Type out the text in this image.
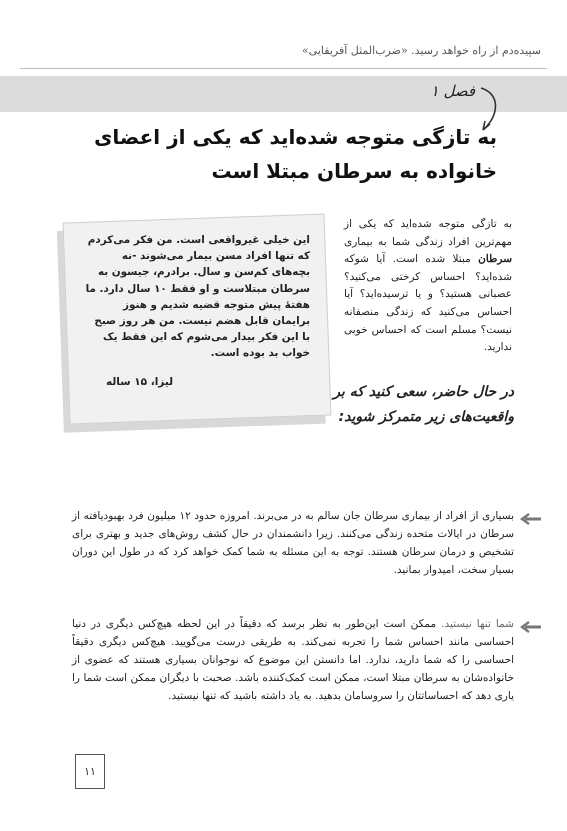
سپیده‌دم از راه خواهد رسید. «ضرب‌المثل آفریقایی»
فصل ۱
به تازگی متوجه شده‌اید که یکی از اعضای خانواده به سرطان مبتلا است
این خیلی غیرواقعی است. من فکر می‌کردم که تنها افراد مسن بیمار می‌شوند -نه بچه‌های کم‌سن و سال. برادرم، جیسون به سرطان مبتلاست و او فقط ۱۰ سال دارد. ما هفتهٔ پیش متوجه قضیه شدیم و هنوز برایمان قابل هضم نیست. من هر روز صبح با این فکر بیدار می‌شوم که این فقط یک خواب بد بوده است.
لیزا، ۱۵ ساله
به تازگی متوجه شده‌اید که یکی از مهم‌ترین افراد زندگی شما به بیماری سرطان مبتلا شده است. آیا شوکه شده‌اید؟ احساس کرختی می‌کنید؟ عصبانی هستید؟ و یا ترسیده‌اید؟ آیا احساس می‌کنید که زندگی منصفانه نیست؟ مسلم است که احساس خوبی ندارید.
در حال حاضر، سعی کنید که بر واقعیت‌های زیر متمرکز شوید:
بسیاری از افراد از بیماری سرطان جان سالم به در می‌برند. امروزه حدود ۱۲ میلیون فرد بهبودیافته از سرطان در ایالات متحده زندگی می‌کنند. زیرا دانشمندان در حال کشف روش‌های جدید و بهتری برای تشخیص و درمان سرطان هستند. توجه به این مسئله به شما کمک خواهد کرد که در طول این دوران بسیار سخت، امیدوار بمانید.
شما تنها نیستید. ممکن است این‌طور به نظر برسد که دقیقاً در این لحظه هیچ‌کس دیگری در دنیا احساسی مانند احساس شما را تجربه نمی‌کند. به طریقی درست می‌گویید. هیچ‌کس دیگری دقیقاً احساسی را که شما دارید، ندارد. اما دانستن این موضوع که نوجوانان بسیاری هستند که عضوی از خانواده‌شان به سرطان مبتلا است، ممکن است کمک‌کننده باشد. صحبت با دیگران ممکن است شما را یاری دهد که احساساتتان را سروسامان بدهید. به یاد داشته باشید که تنها نیستید.
۱۱
